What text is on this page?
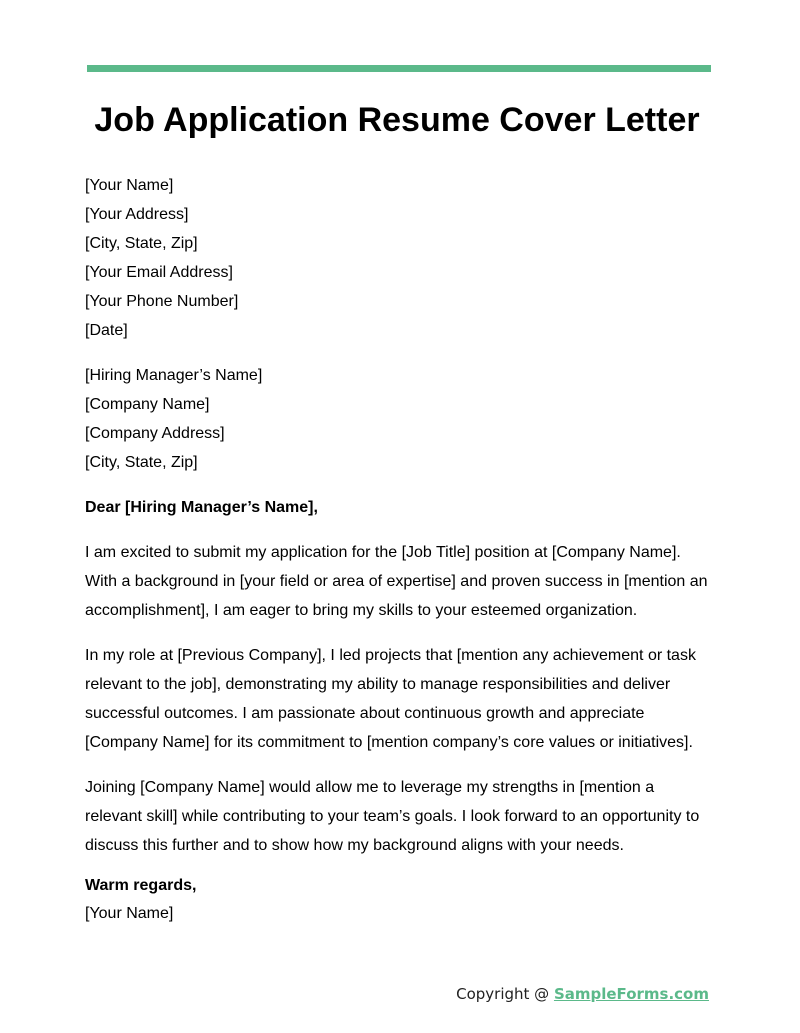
Job Application Resume Cover Letter
[Your Name]
[Your Address]
[City, State, Zip]
[Your Email Address]
[Your Phone Number]
[Date]
[Hiring Manager’s Name]
[Company Name]
[Company Address]
[City, State, Zip]

Dear [Hiring Manager’s Name],

I am excited to submit my application for the [Job Title] position at [Company Name]. With a background in [your field or area of expertise] and proven success in [mention an accomplishment], I am eager to bring my skills to your esteemed organization.

In my role at [Previous Company], I led projects that [mention any achievement or task relevant to the job], demonstrating my ability to manage responsibilities and deliver successful outcomes. I am passionate about continuous growth and appreciate [Company Name] for its commitment to [mention company’s core values or initiatives].

Joining [Company Name] would allow me to leverage my strengths in [mention a relevant skill] while contributing to your team’s goals. I look forward to an opportunity to discuss this further and to show how my background aligns with your needs.

Warm regards,
[Your Name]
Copyright @ SampleForms.com
